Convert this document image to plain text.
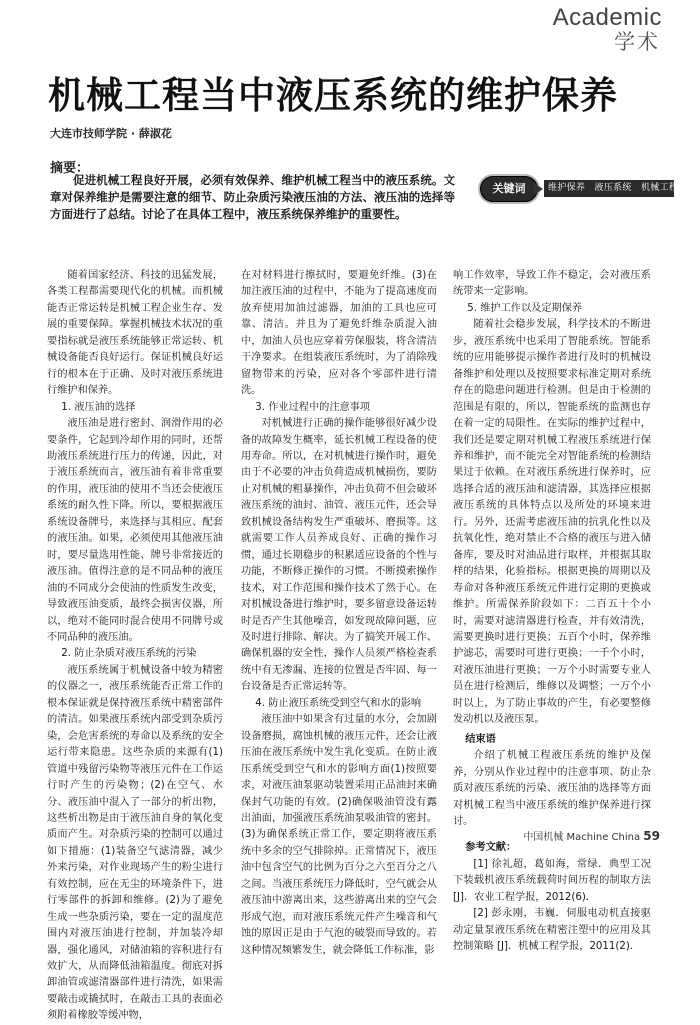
Academic
学术
机械工程当中液压系统的维护保养
大连市技师学院 · 薛淑花
摘要：
促进机械工程良好开展，必须有效保养、维护机械工程当中的液压系统。文章对保养维护是需要注意的细节、防止杂质污染液压油的方法、液压油的选择等方面进行了总结。讨论了在具体工程中，液压系统保养维护的重要性。
关键词	维护保养　液压系统　机械工程

随着国家经济、科技的迅猛发展，各类工程都需要现代化的机械。而机械能否正常运转是机械工程企业生存、发展的重要保障。掌握机械技术状况的重要指标就是液压系统能够正常运转、机械设备能否良好运行。保证机械良好运行的根本在于正确、及时对液压系统进行维护和保养。

1. 液压油的选择

液压油是进行密封、润滑作用的必要条件，它起到冷却作用的同时，还帮助液压系统进行压力的传递，因此，对于液压系统而言，液压油有着非常重要的作用，液压油的使用不当还会使液压系统的耐久性下降。所以，要根据液压系统设备牌号，来选择与其相应、配套的液压油。如果，必须使用其他液压油时，要尽量选用性能、牌号非常接近的液压油。值得注意的是不同品种的液压油的不同成分会使油的性质发生改变，导致液压油变质，最终会损害仪器，所以，绝对不能同时混合使用不同牌号或不同品种的液压油。

2. 防止杂质对液压系统的污染

液压系统属于机械设备中较为精密的仪器之一，液压系统能否正常工作的根本保证就是保持液压系统中精密部件的清洁。如果液压系统内部受到杂质污染，会危害系统的寿命以及系统的安全运行带来隐患。这些杂质的来源有(1)管道中残留污染物等液压元件在工作运行时产生的污染物；(2)在空气、水分、液压油中混入了一部分的析出物，这些析出物是由于液压油自身的氧化变质而产生。对杂质污染的控制可以通过如下措施：(1)装备空气滤清器，减少外来污染，对作业现场产生的粉尘进行有效控制，应在无尘的环境条件下，进行零部件的拆卸和维修。(2)为了避免生成一些杂质污染，要在一定的温度范围内对液压油进行控制，并加装冷却器，强化通风，对储油箱的容积进行有效扩大，从而降低油箱温度。彻底对拆卸油管或滤清器部件进行清洗，如果需要敲击或撬拭时，在敲击工具的表面必须附着橡胶等缓冲物，

在对材料进行擦拭时，要避免纤维。(3)在加注液压油的过程中，不能为了提高速度而放弃使用加油过滤器，加油的工具也应可靠、清洁。并且为了避免纤维杂质混入油中，加油人员也应穿着劳保服装，将含清洁干净要求。在组装液压系统时，为了消除残留物带来的污染，应对各个零部件进行清洗。

3. 作业过程中的注意事项

对机械进行正确的操作能够很好减少设备的故障发生概率，延长机械工程设备的使用寿命。所以，在对机械进行操作时，避免由于不必要的冲击负荷造成机械损伤，要防止对机械的粗暴操作，冲击负荷不但会破坏液压系统的油封、油管、液压元件，还会导致机械设备结构发生严重破坏、磨损等。这就需要工作人员养成良好、正确的操作习惯，通过长期稳步的积累适应设备的个性与功能，不断修正操作的习惯。不断摸索操作技术，对工作范围和操作技术了然于心。在对机械设备进行维护时，要多留意设备运转时是否产生其他噪音，如发现故障问题，应及时进行排除、解决。为了搞笑开展工作、确保机器的安全性，操作人员须严格检查系统中有无渗漏、连接的位置是否牢固、每一台设备是否正常运转等。

4. 防止液压系统受到空气和水的影响

液压油中如果含有过量的水分，会加剧设备磨损，腐蚀机械的液压元件，还会让液压油在液压系统中发生乳化变质。在防止液压系统受到空气和水的影响方面(1)按照要求，对液压油泵驱动装置采用正品油封来确保封气功能的有效。(2)确保吸油管没有露出油面，加强液压系统油泵吸油管的密封。(3)为确保系统正常工作，要定期将液压系统中多余的空气排除掉。正常情况下，液压油中包含空气的比例为百分之六至百分之八之间。当液压系统压力降低时，空气就会从液压油中游离出来，这些游离出来的空气会形成气泡，而对液压系统元件产生噪音和气蚀的原因正是由于气泡的破裂而导致的。若这种情况频繁发生，就会降低工作标准，影

响工作效率，导致工作不稳定，会对液压系统带来一定影响。

5. 维护工作以及定期保养

随着社会稳步发展，科学技术的不断进步，液压系统中也采用了智能系统。智能系统的应用能够提示操作者进行及时的机械设备维护和处理以及按照要求标准定期对系统存在的隐患问题进行检测。但是由于检测的范围是有限的，所以，智能系统的监测也存在着一定的局限性。在实际的维护过程中，我们还是要定期对机械工程液压系统进行保养和维护，而不能完全对智能系统的检测结果过于依赖。在对液压系统进行保养时，应选择合适的液压油和滤清器，其选择应根据液压系统的具体特点以及所处的环境来进行。另外，还需考虑液压油的抗乳化性以及抗氧化性，绝对禁止不合格的液压与进入储备库，要及时对油品进行取样，并根据其取样的结果，化验指标。根据更换的周期以及寿命对各种液压系统元件进行定期的更换或维护。所需保养阶段如下：二百五十个小时，需要对滤清器进行检查，并有效清洗，需要更换时进行更换；五百个小时，保养维护滤芯，需要时可进行更换；一千个小时，对液压油进行更换；一万个小时需要专业人员在进行检测后，维修以及调整；一万个小时以上，为了防止事故的产生，有必要整修发动机以及液压泵。

结束语

介绍了机械工程液压系统的维护及保养，分别从作业过程中的注意事项、防止杂质对液压系统的污染、液压油的选择等方面对机械工程当中液压系统的维护保养进行探讨。

参考文献：

[1] 徐礼超，葛如海，常绿．典型工况下装载机液压系统载荷时间历程的制取方法 [J]．农业工程学报，2012(6)．

[2] 彭永刚，韦巍．伺服电动机直接驱动定量泵液压系统在精密注塑中的应用及其控制策略 [J]．机械工程学报，2011(2)．

中国机械 Machine China 59
